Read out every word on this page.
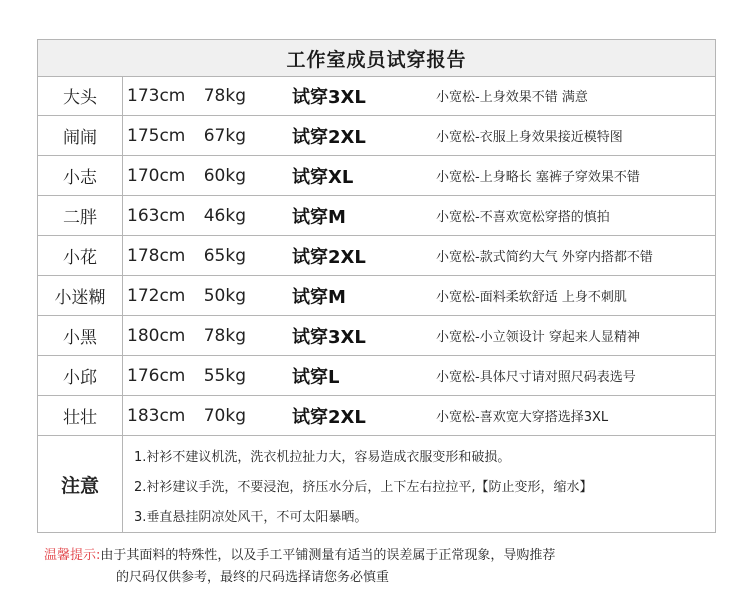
工作室成员试穿报告
大头	173cm	78kg	试穿3XL	小宽松-上身效果不错 满意
闹闹	175cm	67kg	试穿2XL	小宽松-衣服上身效果接近模特图
小志	170cm	60kg	试穿XL	小宽松-上身略长 塞裤子穿效果不错
二胖	163cm	46kg	试穿M	小宽松-不喜欢宽松穿搭的慎拍
小花	178cm	65kg	试穿2XL	小宽松-款式简约大气 外穿内搭都不错
小迷糊	172cm	50kg	试穿M	小宽松-面料柔软舒适 上身不刺肌
小黑	180cm	78kg	试穿3XL	小宽松-小立领设计 穿起来人显精神
小邱	176cm	55kg	试穿L	小宽松-具体尺寸请对照尺码表选号
壮壮	183cm	70kg	试穿2XL	小宽松-喜欢宽大穿搭选择3XL
注意
1.衬衫不建议机洗，洗衣机拉扯力大，容易造成衣服变形和破损。
2.衬衫建议手洗，不要浸泡，挤压水分后，上下左右拉拉平,【防止变形，缩水】
3.垂直悬挂阴凉处风干，不可太阳暴晒。
温馨提示:由于其面料的特殊性，以及手工平铺测量有适当的误差属于正常现象，导购推荐
的尺码仅供参考，最终的尺码选择请您务必慎重
